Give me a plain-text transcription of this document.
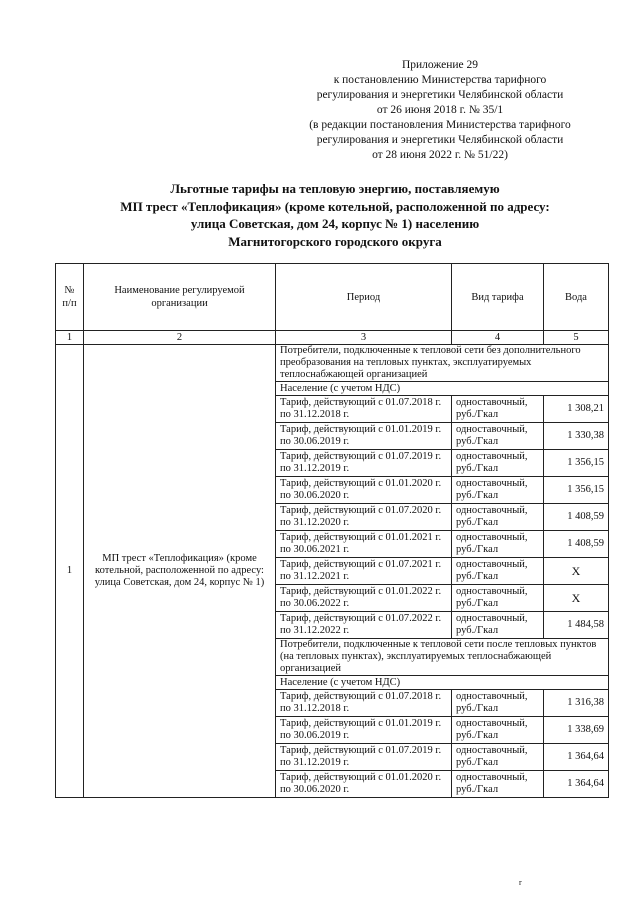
Приложение 29
к постановлению Министерства тарифного
регулирования и энергетики Челябинской области
от 26 июня 2018 г. № 35/1
(в редакции постановления Министерства тарифного
регулирования и энергетики Челябинской области
от 28 июня 2022 г. № 51/22)
Льготные тарифы на тепловую энергию, поставляемую
МП трест «Теплофикация» (кроме котельной, расположенной по адресу:
улица Советская, дом 24, корпус № 1) населению
Магнитогорского городского округа
№ п/п	Наименование регулируемой организации	Период	Вид тарифа	Вода
1	2	3	4	5
1	МП трест «Теплофикация» (кроме котельной, расположенной по адресу: улица Советская, дом 24, корпус № 1)	Потребители, подключенные к тепловой сети без дополнительного преобразования на тепловых пунктах, эксплуатируемых теплоснабжающей организацией		
		Население (с учетом НДС)		
		Тариф, действующий с 01.07.2018 г. по 31.12.2018 г.	одноставочный, руб./Гкал	1 308,21
		Тариф, действующий с 01.01.2019 г. по 30.06.2019 г.	одноставочный, руб./Гкал	1 330,38
		Тариф, действующий с 01.07.2019 г. по 31.12.2019 г.	одноставочный, руб./Гкал	1 356,15
		Тариф, действующий с 01.01.2020 г. по 30.06.2020 г.	одноставочный, руб./Гкал	1 356,15
		Тариф, действующий с 01.07.2020 г. по 31.12.2020 г.	одноставочный, руб./Гкал	1 408,59
		Тариф, действующий с 01.01.2021 г. по 30.06.2021 г.	одноставочный, руб./Гкал	1 408,59
		Тариф, действующий с 01.07.2021 г. по 31.12.2021 г.	одноставочный, руб./Гкал	X
		Тариф, действующий с 01.01.2022 г. по 30.06.2022 г.	одноставочный, руб./Гкал	X
		Тариф, действующий с 01.07.2022 г. по 31.12.2022 г.	одноставочный, руб./Гкал	1 484,58
		Потребители, подключенные к тепловой сети после тепловых пунктов (на тепловых пунктах), эксплуатируемых теплоснабжающей организацией		
		Население (с учетом НДС)		
		Тариф, действующий с 01.07.2018 г. по 31.12.2018 г.	одноставочный, руб./Гкал	1 316,38
		Тариф, действующий с 01.01.2019 г. по 30.06.2019 г.	одноставочный, руб./Гкал	1 338,69
		Тариф, действующий с 01.07.2019 г. по 31.12.2019 г.	одноставочный, руб./Гкал	1 364,64
		Тариф, действующий с 01.01.2020 г. по 30.06.2020 г.	одноставочный, руб./Гкал	1 364,64
r
